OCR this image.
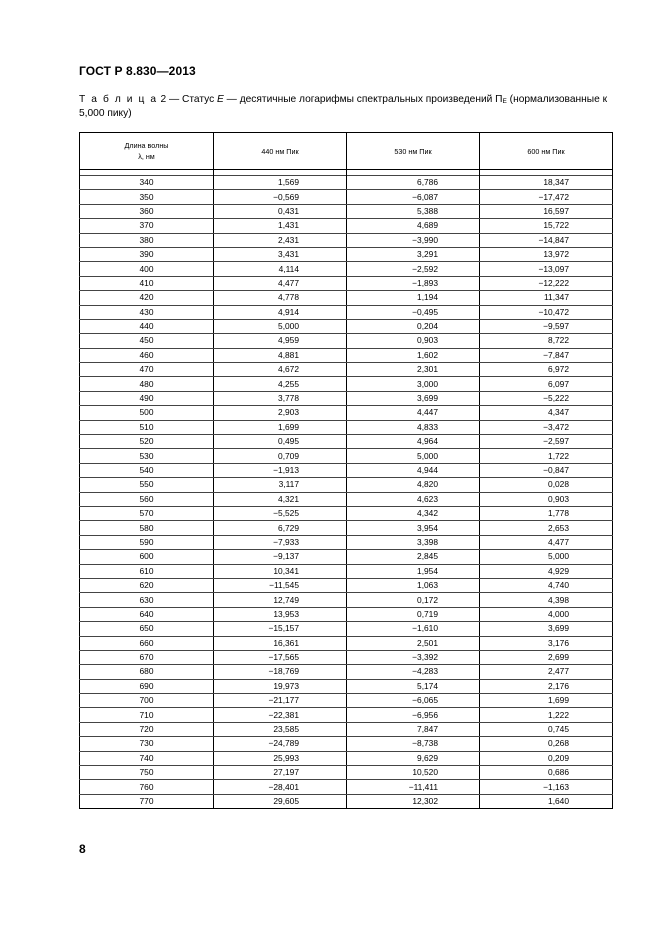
ГОСТ Р 8.830—2013
Т а б л и ц а 2 — Статус E — десятичные логарифмы спектральных произведений $П_E$ (нормализованные к 5,000 пику)
Длина волны
λ, нм	440 нм Пик	530 нм Пик	600 нм Пик

340	1,569	6,786	18,347
350	−0,569	−6,087	−17,472
360	0,431	5,388	16,597
370	1,431	4,689	15,722
380	2,431	−3,990	−14,847
390	3,431	3,291	13,972
400	4,114	−2,592	−13,097
410	4,477	−1,893	−12,222
420	4,778	1,194	11,347
430	4,914	−0,495	−10,472
440	5,000	0,204	−9,597
450	4,959	0,903	8,722
460	4,881	1,602	−7,847
470	4,672	2,301	6,972
480	4,255	3,000	6,097
490	3,778	3,699	−5,222
500	2,903	4,447	4,347
510	1,699	4,833	−3,472
520	0,495	4,964	−2,597
530	0,709	5,000	1,722
540	−1,913	4,944	−0,847
550	3,117	4,820	0,028
560	4,321	4,623	0,903
570	−5,525	4,342	1,778
580	6,729	3,954	2,653
590	−7,933	3,398	4,477
600	−9,137	2,845	5,000
610	10,341	1,954	4,929
620	−11,545	1,063	4,740
630	12,749	0,172	4,398
640	13,953	0,719	4,000
650	−15,157	−1,610	3,699
660	16,361	2,501	3,176
670	−17,565	−3,392	2,699
680	−18,769	−4,283	2,477
690	19,973	5,174	2,176
700	−21,177	−6,065	1,699
710	−22,381	−6,956	1,222
720	23,585	7,847	0,745
730	−24,789	−8,738	0,268
740	25,993	9,629	0,209
750	27,197	10,520	0,686
760	−28,401	−11,411	−1,163
770	29,605	12,302	1,640
8
